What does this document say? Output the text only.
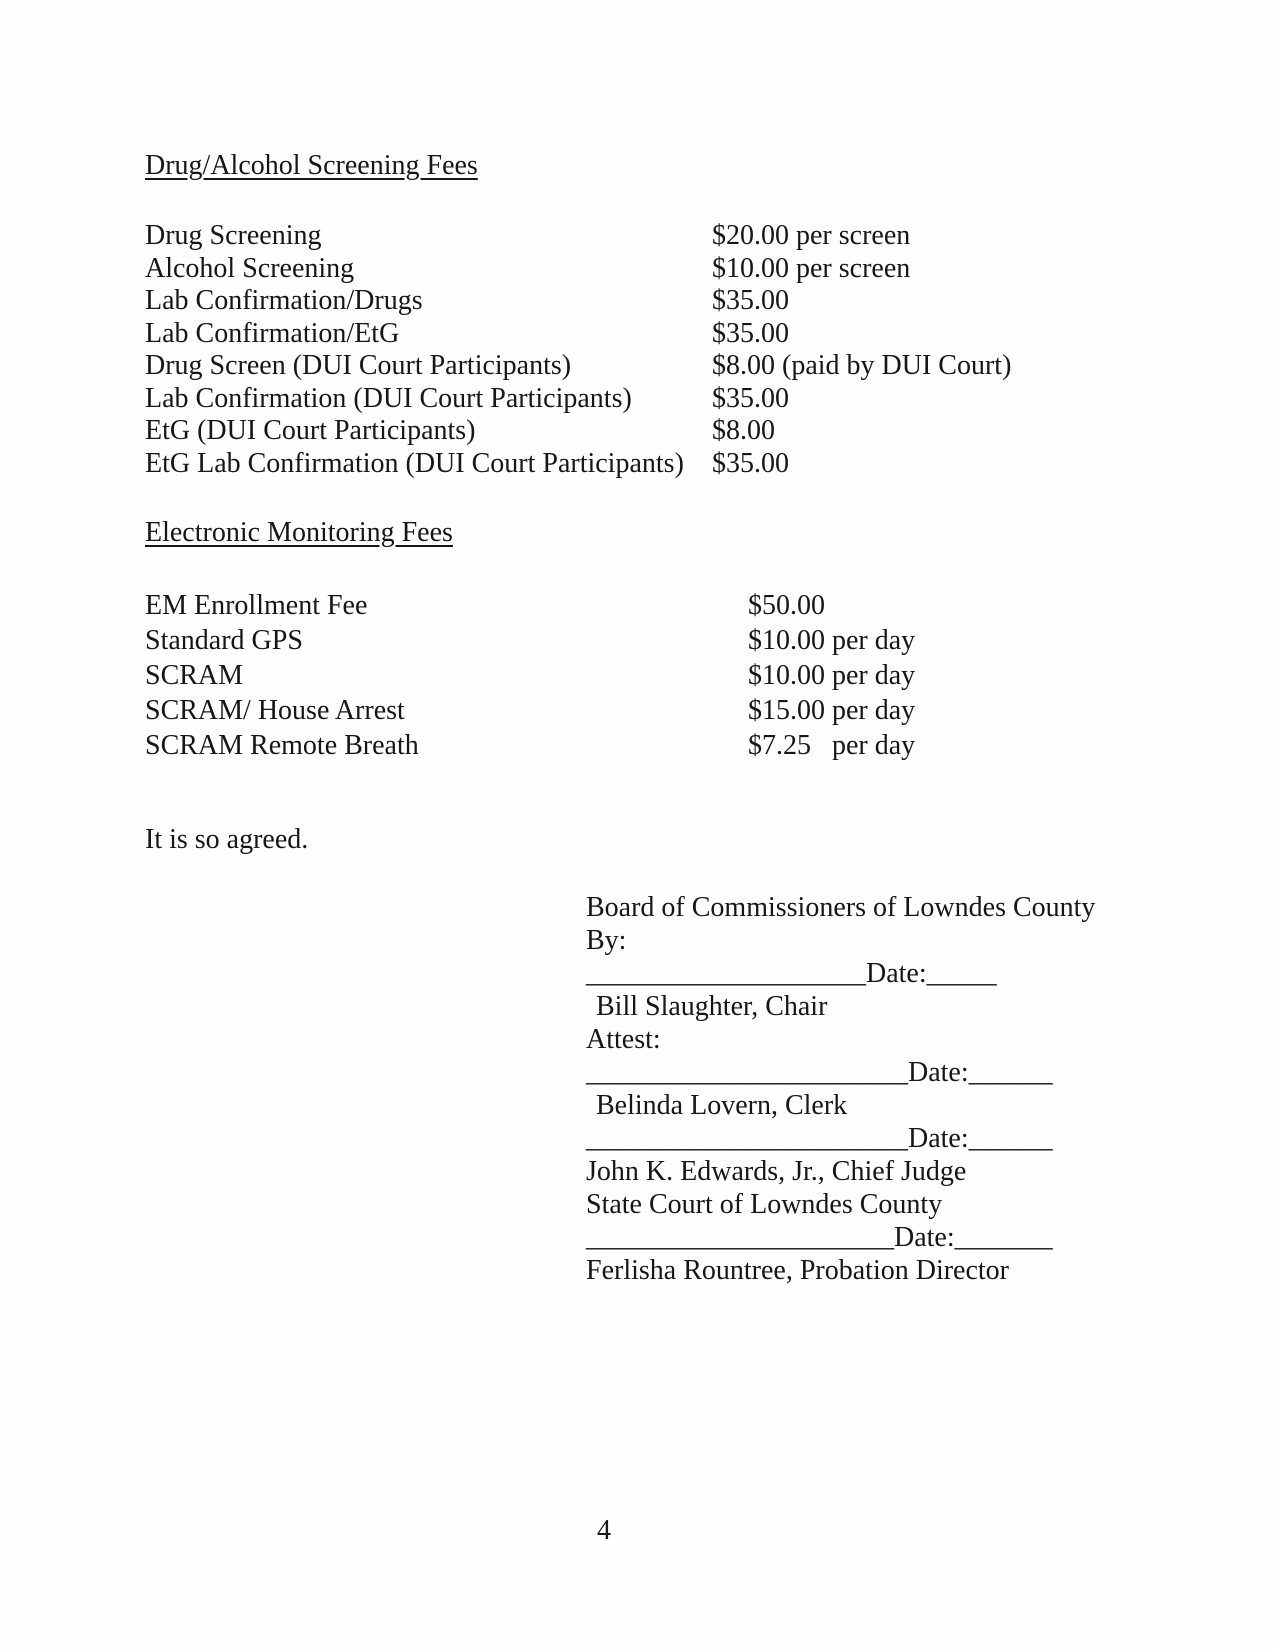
Drug/Alcohol Screening Fees
Drug Screening	$20.00 per screen
Alcohol Screening	$10.00 per screen
Lab Confirmation/Drugs	$35.00
Lab Confirmation/EtG	$35.00
Drug Screen (DUI Court Participants)	$8.00 (paid by DUI Court)
Lab Confirmation (DUI Court Participants)	$35.00
EtG (DUI Court Participants)	$8.00
EtG Lab Confirmation (DUI Court Participants)	$35.00
Electronic Monitoring Fees
EM Enrollment Fee	$50.00
Standard GPS	$10.00 per day
SCRAM	$10.00 per day
SCRAM/ House Arrest	$15.00 per day
SCRAM Remote Breath	$7.25   per day
It is so agreed.

Board of Commissioners of Lowndes County

By:

____________________Date:_____

Bill Slaughter, Chair

Attest:

_______________________Date:______

Belinda Lovern, Clerk

_______________________Date:______

John K. Edwards, Jr., Chief Judge

State Court of Lowndes County

______________________Date:_______

Ferlisha Rountree, Probation Director

4
